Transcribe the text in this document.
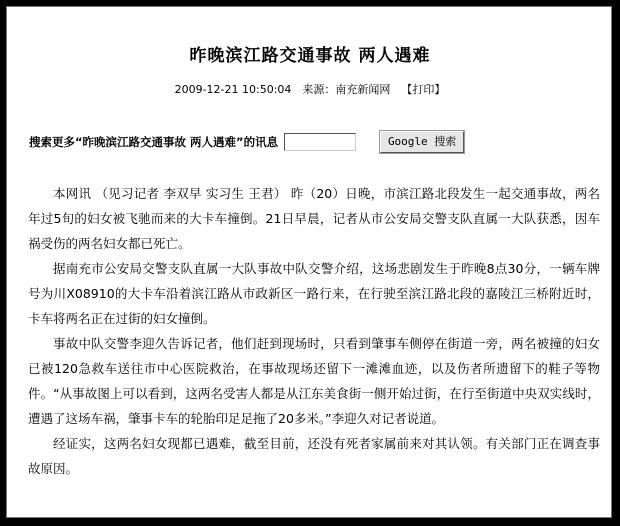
昨晚滨江路交通事故 两人遇难
2009-12-21 10:50:04 来源：南充新闻网 【打印】
搜索更多“昨晚滨江路交通事故 两人遇难”的讯息	Google 搜索

本网讯 （见习记者 李双早 实习生 王君） 昨（20）日晚，市滨江路北段发生一起交通事故，两名年过5旬的妇女被飞驰而来的大卡车撞倒。21日早晨，记者从市公安局交警支队直属一大队获悉，因车祸受伤的两名妇女都已死亡。

据南充市公安局交警支队直属一大队事故中队交警介绍，这场悲剧发生于昨晚8点30分，一辆车牌号为川X08910的大卡车沿着滨江路从市政新区一路行来，在行驶至滨江路北段的嘉陵江三桥附近时，卡车将两名正在过街的妇女撞倒。

事故中队交警李迎久告诉记者，他们赶到现场时，只看到肇事车侧停在街道一旁，两名被撞的妇女已被120急救车送往市中心医院救治，在事故现场还留下一滩滩血迹，以及伤者所遗留下的鞋子等物件。“从事故图上可以看到，这两名受害人都是从江东美食街一侧开始过街，在行至街道中央双实线时，遭遇了这场车祸，肇事卡车的轮胎印足足拖了20多米。”李迎久对记者说道。

经证实，这两名妇女现都已遇难，截至目前，还没有死者家属前来对其认领。有关部门正在调查事故原因。
